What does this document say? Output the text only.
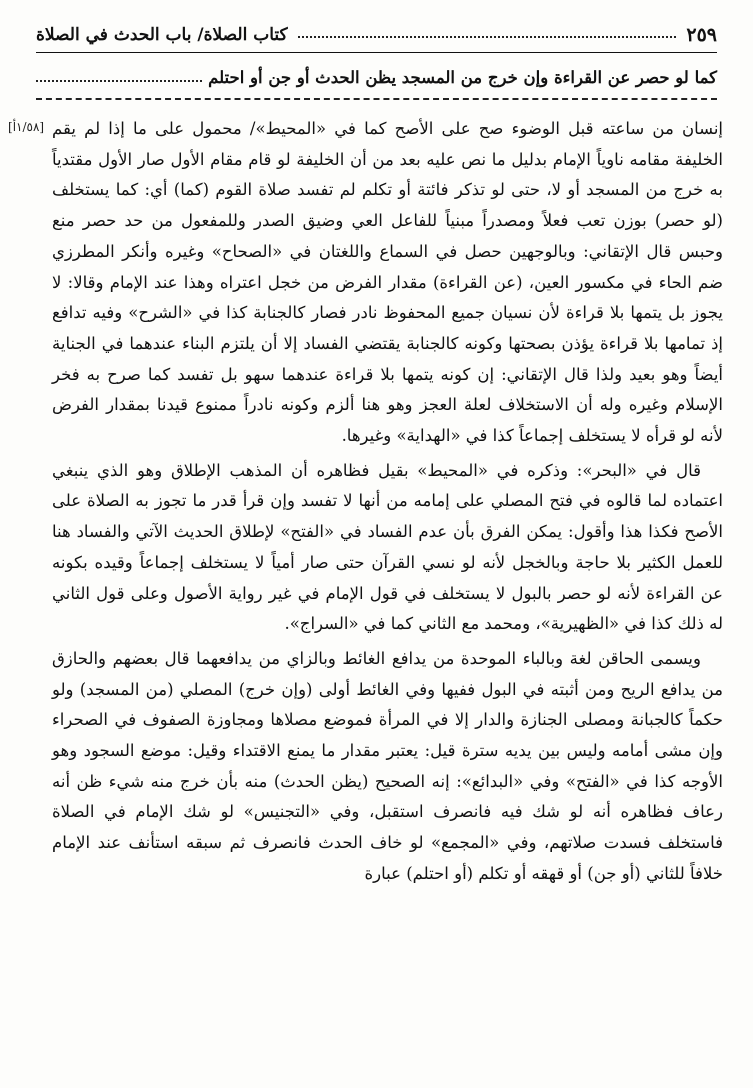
كتاب الصلاة/ باب الحدث في الصلاة	٢٥٩
كما لو حصر عن القراءة وإن خرج من المسجد يظن الحدث أو جن أو احتلم
[١/٥٨أ] إنسان من ساعته قبل الوضوء صح على الأصح كما في «المحيط»/ محمول على ما إذا لم يقم الخليفة مقامه ناوياً الإمام بدليل ما نص عليه بعد من أن الخليفة لو قام مقام الأول صار الأول مقتدياً به خرج من المسجد أو لا، حتى لو تذكر فائتة أو تكلم لم تفسد صلاة القوم (كما) أي: كما يستخلف (لو حصر) بوزن تعب فعلاً ومصدراً مبنياً للفاعل العي وضيق الصدر وللمفعول من حد حصر منع وحبس قال الإتقاني: وبالوجهين حصل في السماع واللغتان في «الصحاح» وغيره وأنكر المطرزي ضم الحاء في مكسور العين، (عن القراءة) مقدار الفرض من خجل اعتراه وهذا عند الإمام وقالا: لا يجوز بل يتمها بلا قراءة لأن نسيان جميع المحفوظ نادر فصار كالجنابة كذا في «الشرح» وفيه تدافع إذ تمامها بلا قراءة يؤذن بصحتها وكونه كالجنابة يقتضي الفساد إلا أن يلتزم البناء عندهما في الجناية أيضاً وهو بعيد ولذا قال الإتقاني: إن كونه يتمها بلا قراءة عندهما سهو بل تفسد كما صرح به فخر الإسلام وغيره وله أن الاستخلاف لعلة العجز وهو هنا ألزم وكونه نادراً ممنوع قيدنا بمقدار الفرض لأنه لو قرأه لا يستخلف إجماعاً كذا في «الهداية» وغيرها.

قال في «البحر»: وذكره في «المحيط» بقيل فظاهره أن المذهب الإطلاق وهو الذي ينبغي اعتماده لما قالوه في فتح المصلي على إمامه من أنها لا تفسد وإن قرأ قدر ما تجوز به الصلاة على الأصح فكذا هذا وأقول: يمكن الفرق بأن عدم الفساد في «الفتح» لإطلاق الحديث الآتي والفساد هنا للعمل الكثير بلا حاجة وبالخجل لأنه لو نسي القرآن حتى صار أمياً لا يستخلف إجماعاً وقيده بكونه عن القراءة لأنه لو حصر بالبول لا يستخلف في قول الإمام في غير رواية الأصول وعلى قول الثاني له ذلك كذا في «الظهيرية»، ومحمد مع الثاني كما في «السراج».

ويسمى الحاقن لغة وبالباء الموحدة من يدافع الغائط وبالزاي من يدافعهما قال بعضهم والحازق من يدافع الريح ومن أثبته في البول ففيها وفي الغائط أولى (وإن خرج) المصلي (من المسجد) ولو حكماً كالجبانة ومصلى الجنازة والدار إلا في المرأة فموضع مصلاها ومجاوزة الصفوف في الصحراء وإن مشى أمامه وليس بين يديه سترة قيل: يعتبر مقدار ما يمنع الاقتداء وقيل: موضع السجود وهو الأوجه كذا في «الفتح» وفي «البدائع»: إنه الصحيح (يظن الحدث) منه بأن خرج منه شيء ظن أنه رعاف فظاهره أنه لو شك فيه فانصرف استقبل، وفي «التجنيس» لو شك الإمام في الصلاة فاستخلف فسدت صلاتهم، وفي «المجمع» لو خاف الحدث فانصرف ثم سبقه استأنف عند الإمام خلافاً للثاني (أو جن) أو قهقه أو تكلم (أو احتلم) عبارة
